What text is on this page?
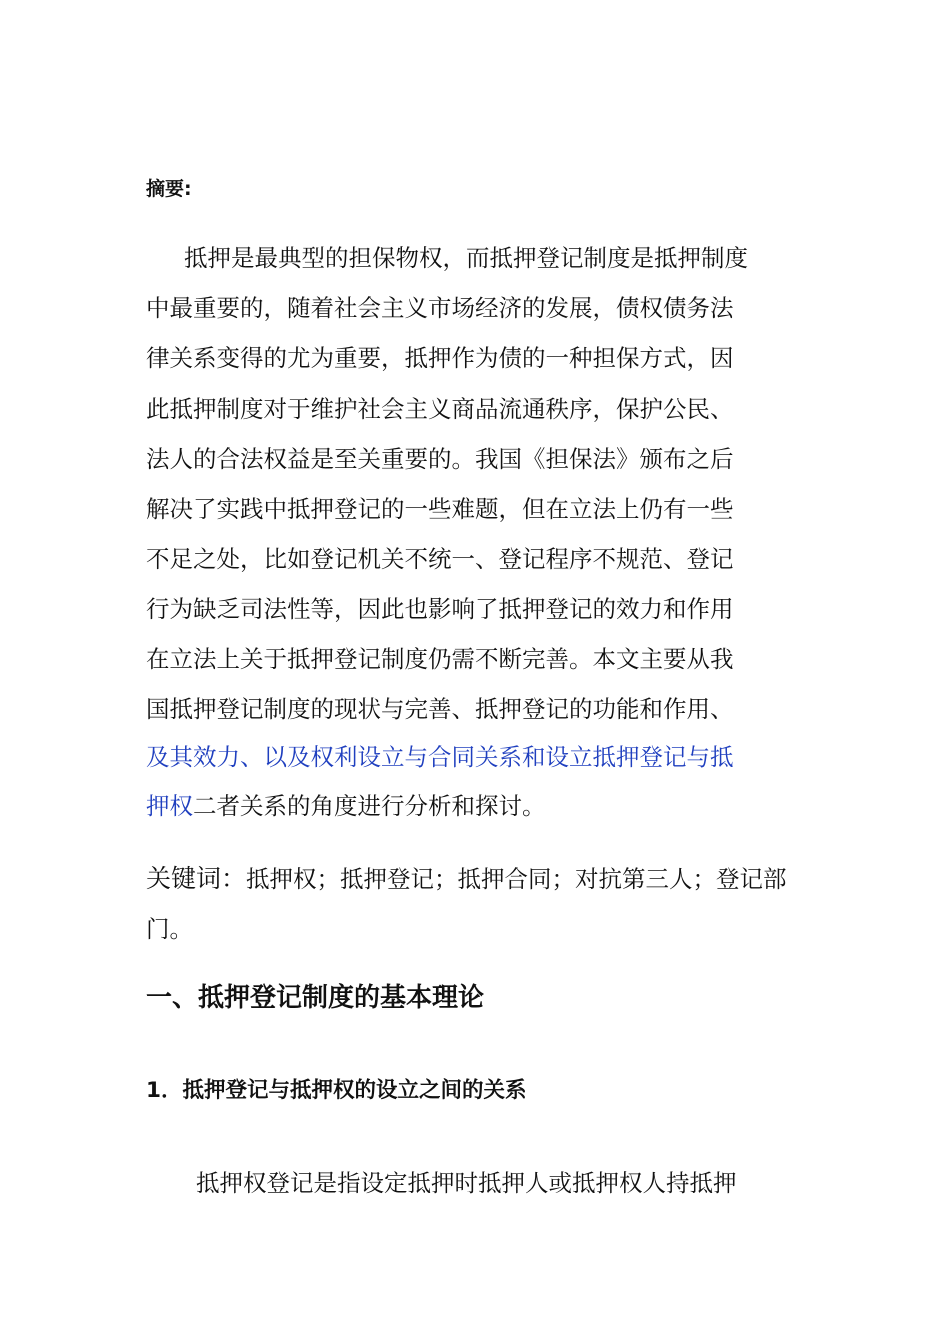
摘要:

抵押是最典型的担保物权，而抵押登记制度是抵押制度

中最重要的，随着社会主义市场经济的发展，债权债务法

律关系变得的尤为重要，抵押作为债的一种担保方式，因

此抵押制度对于维护社会主义商品流通秩序，保护公民、

法人的合法权益是至关重要的。我国《担保法》颁布之后

解决了实践中抵押登记的一些难题，但在立法上仍有一些

不足之处，比如登记机关不统一、登记程序不规范、登记

行为缺乏司法性等，因此也影响了抵押登记的效力和作用

在立法上关于抵押登记制度仍需不断完善。本文主要从我

国抵押登记制度的现状与完善、抵押登记的功能和作用、

及其效力、以及权利设立与合同关系和设立抵押登记与抵

押权二者关系的角度进行分析和探讨。

关键词：抵押权；抵押登记；抵押合同；对抗第三人；登记部门。

一、抵押登记制度的基本理论
1．抵押登记与抵押权的设立之间的关系

抵押权登记是指设定抵押时抵押人或抵押权人持抵押
